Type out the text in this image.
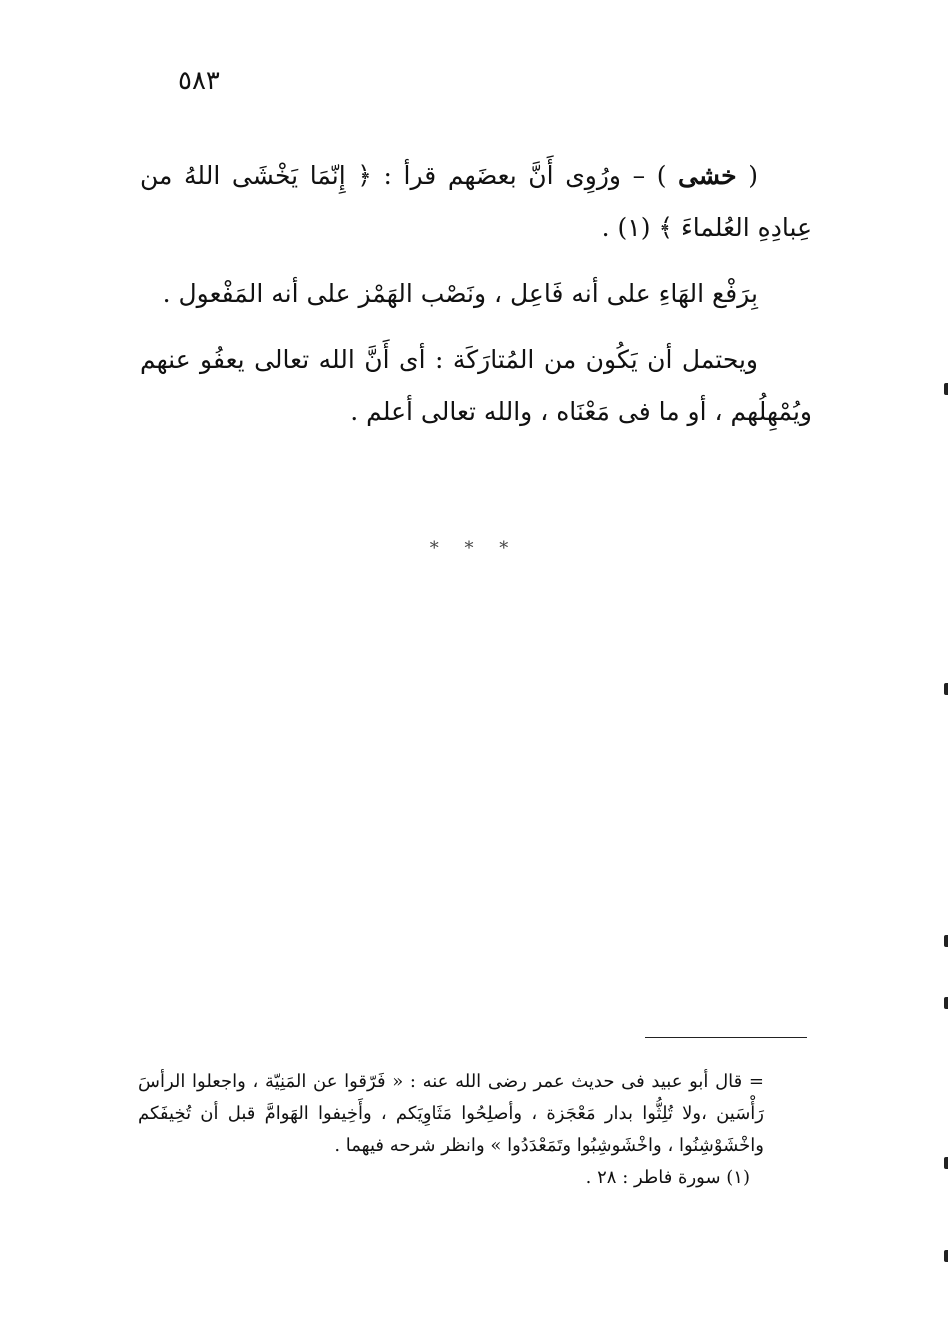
٥٨٣

( خشى ) – ورُوِى أَنَّ بعضَهم قرأ : ﴿ إِنّمَا يَخْشَى اللهُ من عِبادِهِ العُلماءَ ﴾ (١) .

بِرَفْع الهَاءِ على أنه فَاعِل ، ونَصْب الهَمْز على أنه المَفْعول .

ويحتمل أن يَكُون من المُتارَكَة : أى أَنَّ الله تعالى يعفُو عنهم ويُمْهِلُهم ، أو ما فى مَعْنَاه ، والله تعالى أعلم .

* * *

= قال أبو عبيد فى حديث عمر رضى الله عنه : « فَرّقوا عن المَنِيّة ، واجعلوا الرأسَ رَأْسَين ،ولا تُلِثُّوا بدار مَعْجَزة ، وأصلِحُوا مَثَاوِيَكم ، وأَخِيفوا الهَوامَّ قبل أن تُخِيفَكم واخْشَوْشِنُوا ، واخْشَوشِبُوا وتَمَعْدَدُوا » وانظر شرحه فيهما .

(١) سورة فاطر : ٢٨ .
